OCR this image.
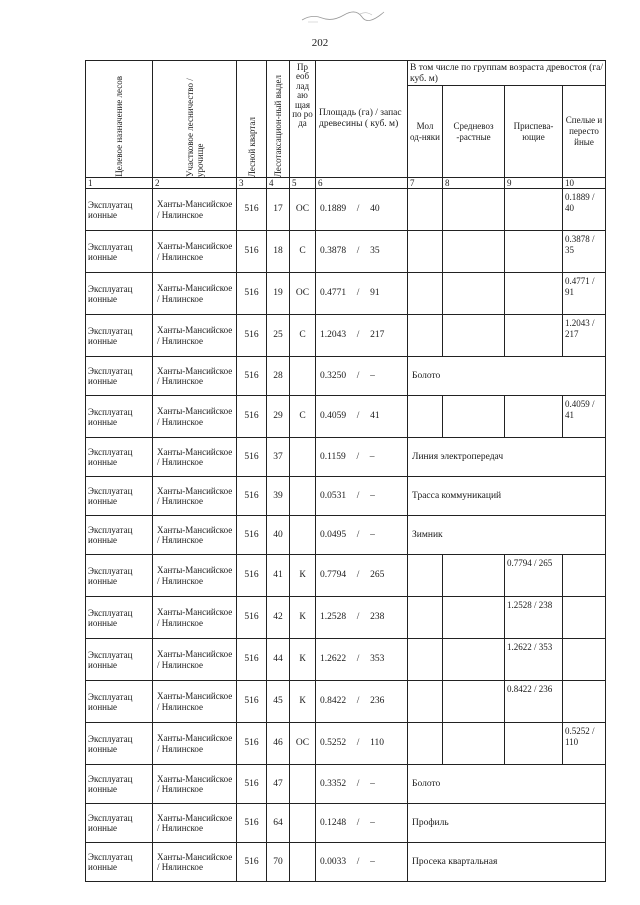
202
Целевое назначение лесов	Участковое лесничество / урочище	Лесной квартал	Лесотаксацион-ный выдел	Пр еоб лад аю щая по ро да	Площадь (га) / запас древесины ( куб. м)	В том числе по группам возраста древостоя (га/ куб. м)			
						Мол од-няки	Средневоз -растные	Приспева-ющие	Спелые и пересто йные
1	2	3	4	5	6	7	8	9	10
Эксплуатац ионные	Ханты-Мансийское / Нялинское	516	17	ОС	0.1889 / 40				0.1889 / 40
Эксплуатац ионные	Ханты-Мансийское / Нялинское	516	18	С	0.3878 / 35				0.3878 / 35
Эксплуатац ионные	Ханты-Мансийское / Нялинское	516	19	ОС	0.4771 / 91				0.4771 / 91
Эксплуатац ионные	Ханты-Мансийское / Нялинское	516	25	С	1.2043 / 217				1.2043 / 217
Эксплуатац ионные	Ханты-Мансийское / Нялинское	516	28		0.3250 / –	Болото			
Эксплуатац ионные	Ханты-Мансийское / Нялинское	516	29	С	0.4059 / 41				0.4059 / 41
Эксплуатац ионные	Ханты-Мансийское / Нялинское	516	37		0.1159 / –	Линия электропередач			
Эксплуатац ионные	Ханты-Мансийское / Нялинское	516	39		0.0531 / –	Трасса коммуникаций			
Эксплуатац ионные	Ханты-Мансийское / Нялинское	516	40		0.0495 / –	Зимник			
Эксплуатац ионные	Ханты-Мансийское / Нялинское	516	41	К	0.7794 / 265			0.7794 / 265	
Эксплуатац ионные	Ханты-Мансийское / Нялинское	516	42	К	1.2528 / 238			1.2528 / 238	
Эксплуатац ионные	Ханты-Мансийское / Нялинское	516	44	К	1.2622 / 353			1.2622 / 353	
Эксплуатац ионные	Ханты-Мансийское / Нялинское	516	45	К	0.8422 / 236			0.8422 / 236	
Эксплуатац ионные	Ханты-Мансийское / Нялинское	516	46	ОС	0.5252 / 110				0.5252 / 110
Эксплуатац ионные	Ханты-Мансийское / Нялинское	516	47		0.3352 / –	Болото			
Эксплуатац ионные	Ханты-Мансийское / Нялинское	516	64		0.1248 / –	Профиль			
Эксплуатац ионные	Ханты-Мансийское / Нялинское	516	70		0.0033 / –	Просека квартальная			
